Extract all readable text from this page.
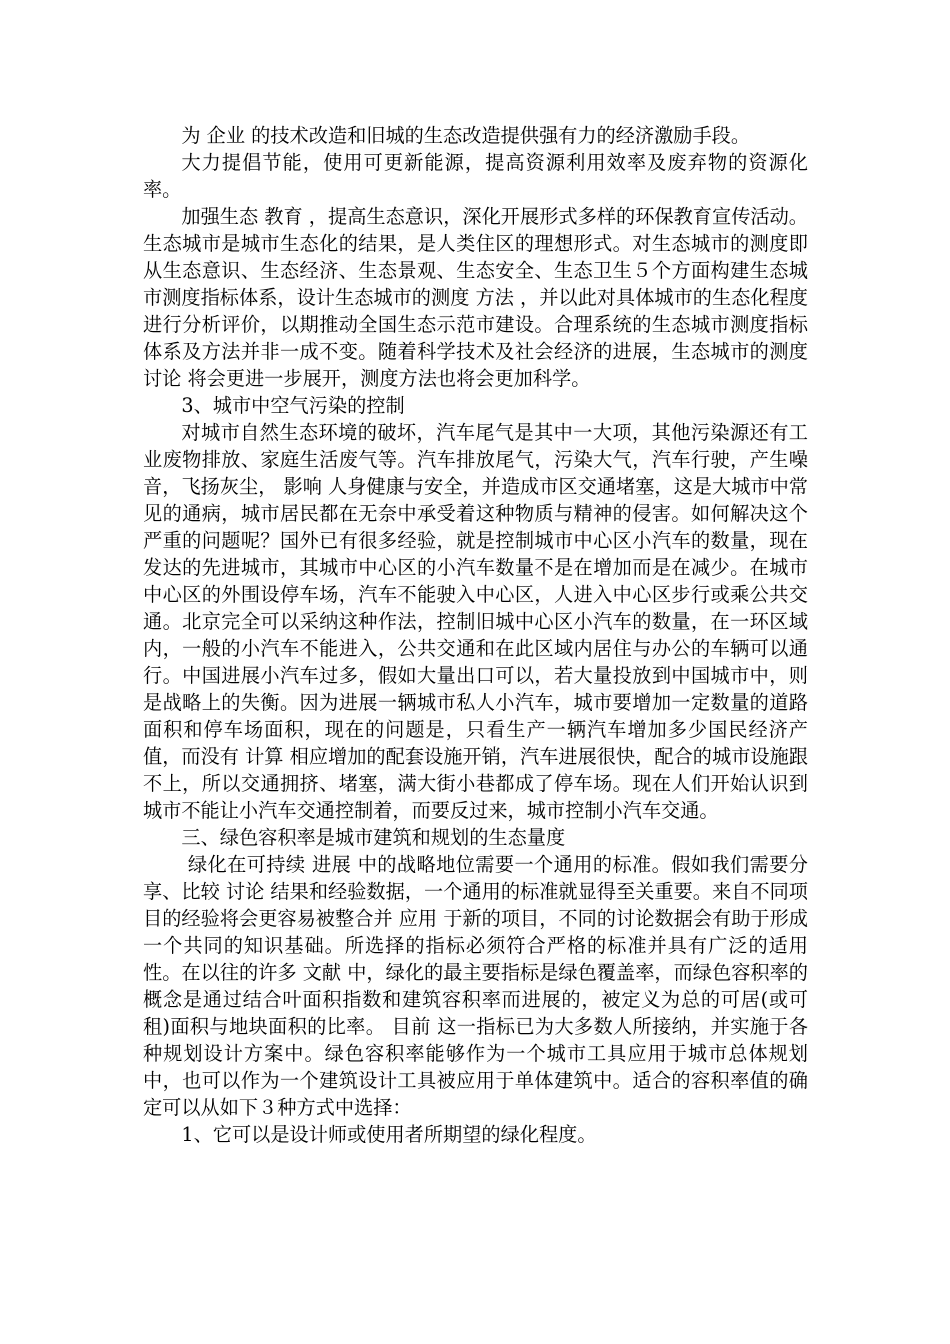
为 企业 的技术改造和旧城的生态改造提供强有力的经济激励手段。

大力提倡节能，使用可更新能源，提高资源利用效率及废弃物的资源化率。

加强生态 教育 ，提高生态意识，深化开展形式多样的环保教育宣传活动。生态城市是城市生态化的结果，是人类住区的理想形式。对生态城市的测度即从生态意识、生态经济、生态景观、生态安全、生态卫生５个方面构建生态城市测度指标体系，设计生态城市的测度 方法 ，并以此对具体城市的生态化程度进行分析评价，以期推动全国生态示范市建设。合理系统的生态城市测度指标体系及方法并非一成不变。随着科学技术及社会经济的进展，生态城市的测度 讨论 将会更进一步展开，测度方法也将会更加科学。

3、城市中空气污染的控制

对城市自然生态环境的破坏，汽车尾气是其中一大项，其他污染源还有工业废物排放、家庭生活废气等。汽车排放尾气，污染大气，汽车行驶，产生噪音，飞扬灰尘， 影响 人身健康与安全，并造成市区交通堵塞，这是大城市中常见的通病，城市居民都在无奈中承受着这种物质与精神的侵害。如何解决这个严重的问题呢？国外已有很多经验，就是控制城市中心区小汽车的数量，现在发达的先进城市，其城市中心区的小汽车数量不是在增加而是在减少。在城市中心区的外围设停车场，汽车不能驶入中心区，人进入中心区步行或乘公共交通。北京完全可以采纳这种作法，控制旧城中心区小汽车的数量，在一环区域内，一般的小汽车不能进入，公共交通和在此区域内居住与办公的车辆可以通行。中国进展小汽车过多，假如大量出口可以，若大量投放到中国城市中，则是战略上的失衡。因为进展一辆城市私人小汽车，城市要增加一定数量的道路面积和停车场面积，现在的问题是，只看生产一辆汽车增加多少国民经济产值，而没有 计算 相应增加的配套设施开销，汽车进展很快，配合的城市设施跟不上，所以交通拥挤、堵塞，满大街小巷都成了停车场。现在人们开始认识到城市不能让小汽车交通控制着，而要反过来，城市控制小汽车交通。

三、绿色容积率是城市建筑和规划的生态量度

绿化在可持续 进展 中的战略地位需要一个通用的标准。假如我们需要分享、比较 讨论 结果和经验数据，一个通用的标准就显得至关重要。来自不同项目的经验将会更容易被整合并 应用 于新的项目，不同的讨论数据会有助于形成一个共同的知识基础。所选择的指标必须符合严格的标准并具有广泛的适用性。在以往的许多 文献 中，绿化的最主要指标是绿色覆盖率，而绿色容积率的概念是通过结合叶面积指数和建筑容积率而进展的，被定义为总的可居(或可租)面积与地块面积的比率。 目前 这一指标已为大多数人所接纳，并实施于各种规划设计方案中。绿色容积率能够作为一个城市工具应用于城市总体规划中，也可以作为一个建筑设计工具被应用于单体建筑中。适合的容积率值的确定可以从如下３种方式中选择：

1、它可以是设计师或使用者所期望的绿化程度。
